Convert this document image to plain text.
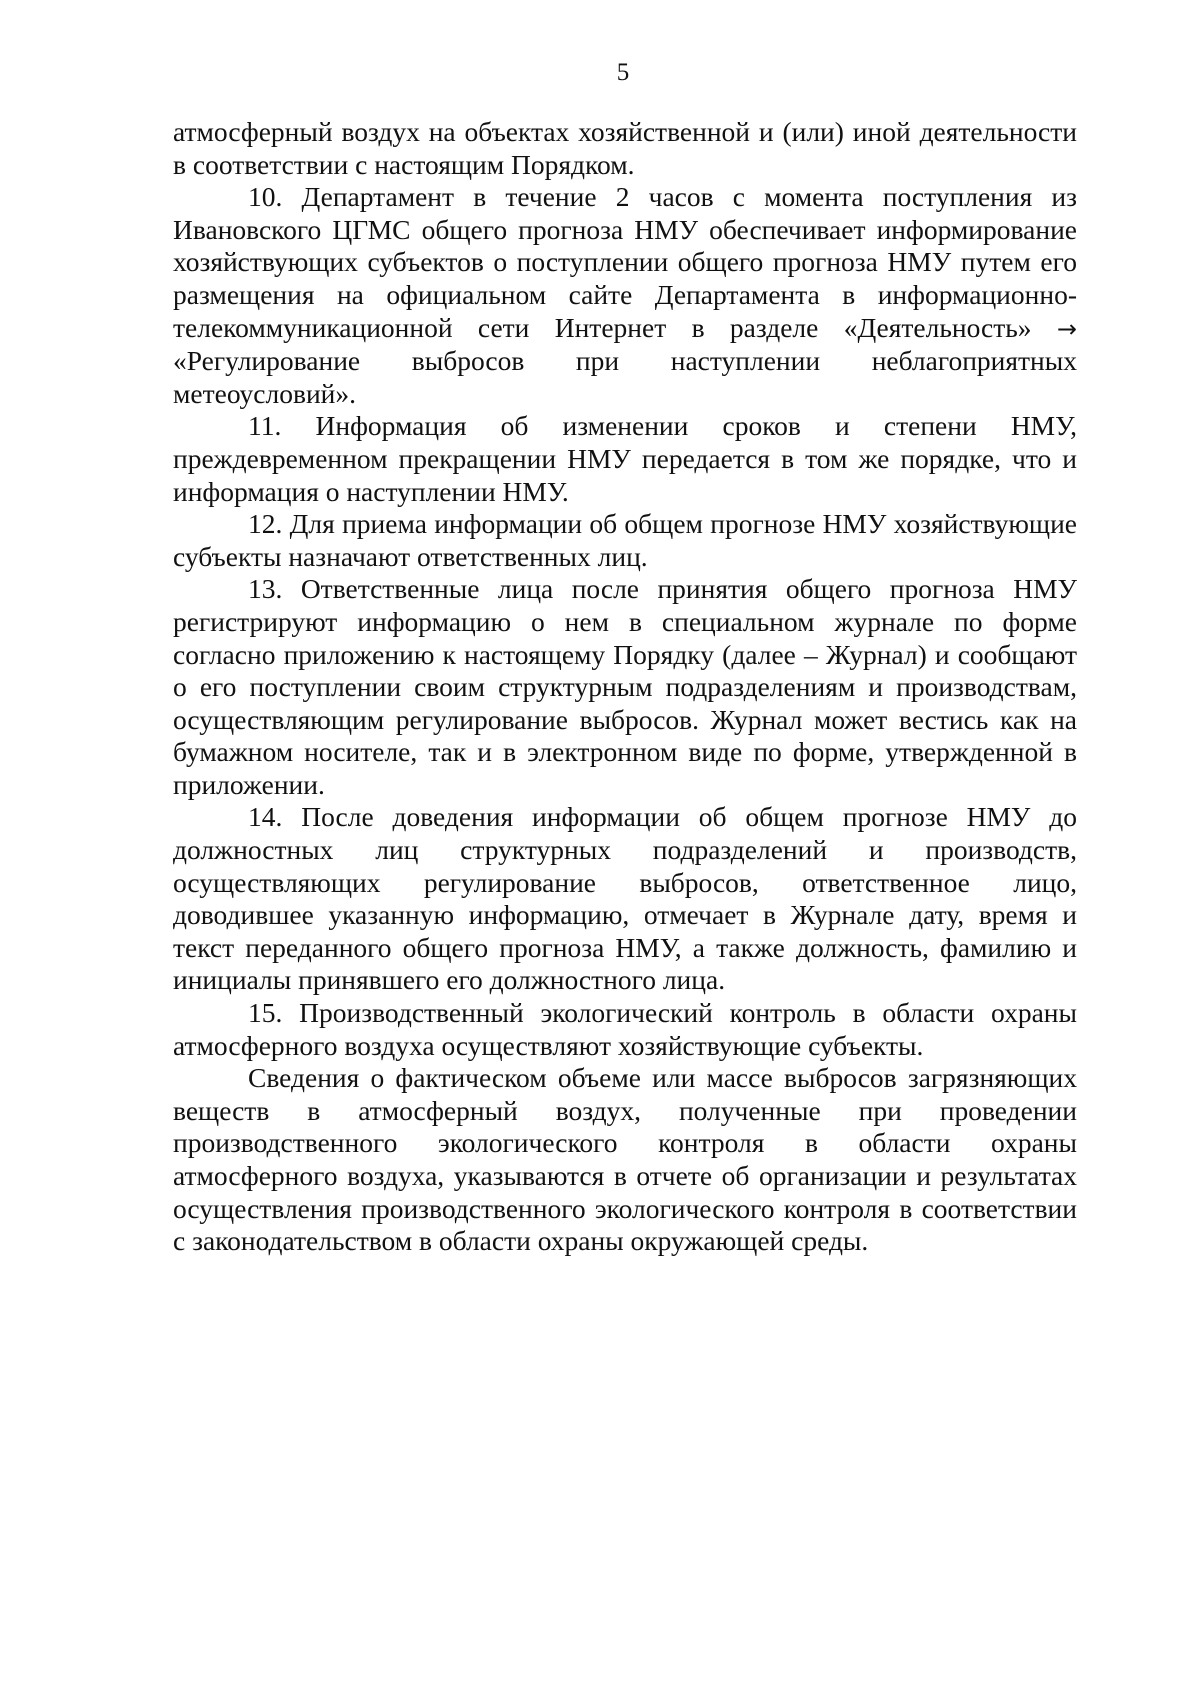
5

атмосферный воздух на объектах хозяйственной и (или) иной деятельности в соответствии с настоящим Порядком.

10. Департамент в течение 2 часов с момента поступления из Ивановского ЦГМС общего прогноза НМУ обеспечивает информирование хозяйствующих субъектов о поступлении общего прогноза НМУ путем его размещения на официальном сайте Департамента в информационно-телекоммуникационной сети Интернет в разделе «Деятельность» → «Регулирование выбросов при наступлении неблагоприятных метеоусловий».

11. Информация об изменении сроков и степени НМУ, преждевременном прекращении НМУ передается в том же порядке, что и информация о наступлении НМУ.

12. Для приема информации об общем прогнозе НМУ хозяйствующие субъекты назначают ответственных лиц.

13. Ответственные лица после принятия общего прогноза НМУ регистрируют информацию о нем в специальном журнале по форме согласно приложению к настоящему Порядку (далее – Журнал) и сообщают о его поступлении своим структурным подразделениям и производствам, осуществляющим регулирование выбросов. Журнал может вестись как на бумажном носителе, так и в электронном виде по форме, утвержденной в приложении.

14. После доведения информации об общем прогнозе НМУ до должностных лиц структурных подразделений и производств, осуществляющих регулирование выбросов, ответственное лицо, доводившее указанную информацию, отмечает в Журнале дату, время и текст переданного общего прогноза НМУ, а также должность, фамилию и инициалы принявшего его должностного лица.

15. Производственный экологический контроль в области охраны атмосферного воздуха осуществляют хозяйствующие субъекты.

Сведения о фактическом объеме или массе выбросов загрязняющих веществ в атмосферный воздух, полученные при проведении производственного экологического контроля в области охраны атмосферного воздуха, указываются в отчете об организации и результатах осуществления производственного экологического контроля в соответствии с законодательством в области охраны окружающей среды.
